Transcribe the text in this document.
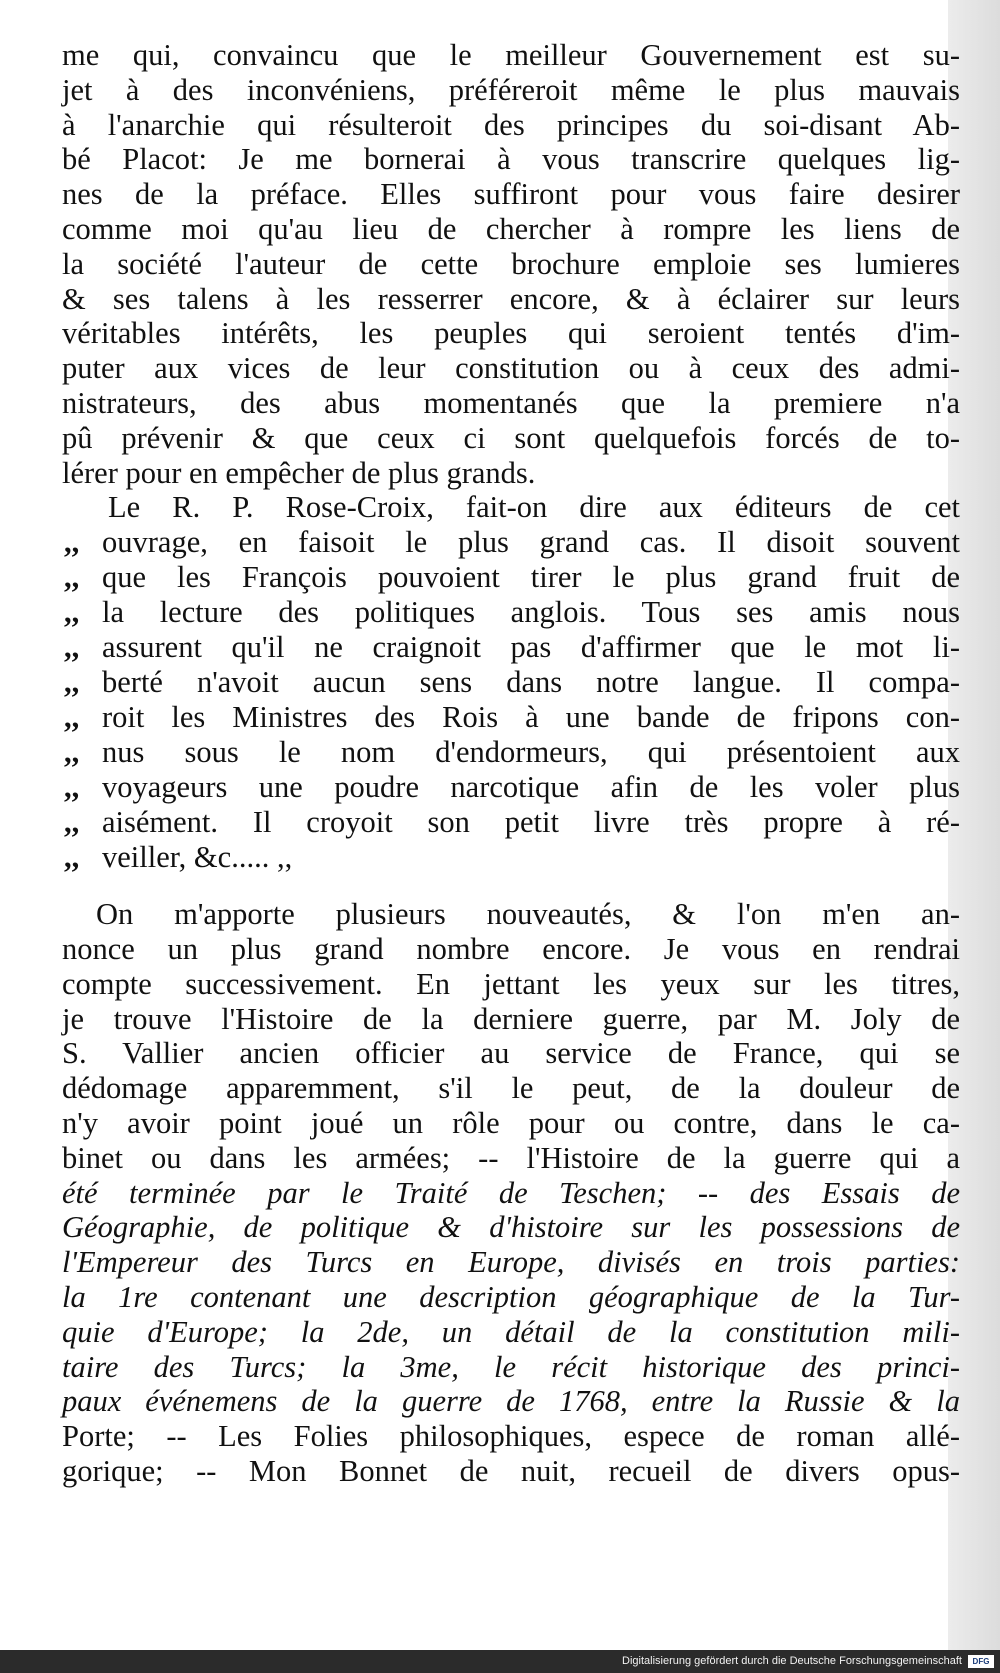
me qui, convaincu que le meilleur Gouvernement est su-
jet à des inconvéniens, préféreroit même le plus mauvais
à l'anarchie qui résulteroit des principes du soi-disant Ab-
bé Placot: Je me bornerai à vous transcrire quelques lig-
nes de la préface. Elles suffiront pour vous faire desirer
comme moi qu'au lieu de chercher à rompre les liens de
la société l'auteur de cette brochure emploie ses lumieres
& ses talens à les resserrer encore, & à éclairer sur leurs
véritables intérêts, les peuples qui seroient tentés d'im-
puter aux vices de leur constitution ou à ceux des admi-
nistrateurs, des abus momentanés que la premiere n'a
pû prévenir & que ceux ci sont quelquefois forcés de to-
lérer pour en empêcher de plus grands.
Le R. P. Rose-Croix, fait-on dire aux éditeurs de cet
,, ouvrage, en faisoit le plus grand cas. Il disoit souvent
,, que les François pouvoient tirer le plus grand fruit de
,, la lecture des politiques anglois. Tous ses amis nous
,, assurent qu'il ne craignoit pas d'affirmer que le mot li-
,, berté n'avoit aucun sens dans notre langue. Il compa-
,, roit les Ministres des Rois à une bande de fripons con-
,, nus sous le nom d'endormeurs, qui présentoient aux
,, voyageurs une poudre narcotique afin de les voler plus
,, aisément. Il croyoit son petit livre très propre à ré-
,, veiller, &c..... ,,
On m'apporte plusieurs nouveautés, & l'on m'en an-
nonce un plus grand nombre encore. Je vous en rendrai
compte successivement. En jettant les yeux sur les titres,
je trouve l'Histoire de la derniere guerre, par M. Joly de
S. Vallier ancien officier au service de France, qui se
dédomage apparemment, s'il le peut, de la douleur de
n'y avoir point joué un rôle pour ou contre, dans le ca-
binet ou dans les armées; -- l'Histoire de la guerre qui a
été terminée par le Traité de Teschen; -- des Essais de
Géographie, de politique & d'histoire sur les possessions de
l'Empereur des Turcs en Europe, divisés en trois parties:
la 1re contenant une description géographique de la Tur-
quie d'Europe; la 2de, un détail de la constitution mili-
taire des Turcs; la 3me, le récit historique des princi-
paux événemens de la guerre de 1768, entre la Russie & la
Porte; -- Les Folies philosophiques, espece de roman allé-
gorique; -- Mon Bonnet de nuit, recueil de divers opus-
Digitalisierung gefördert durch die Deutsche Forschungsgemeinschaft	DFG
